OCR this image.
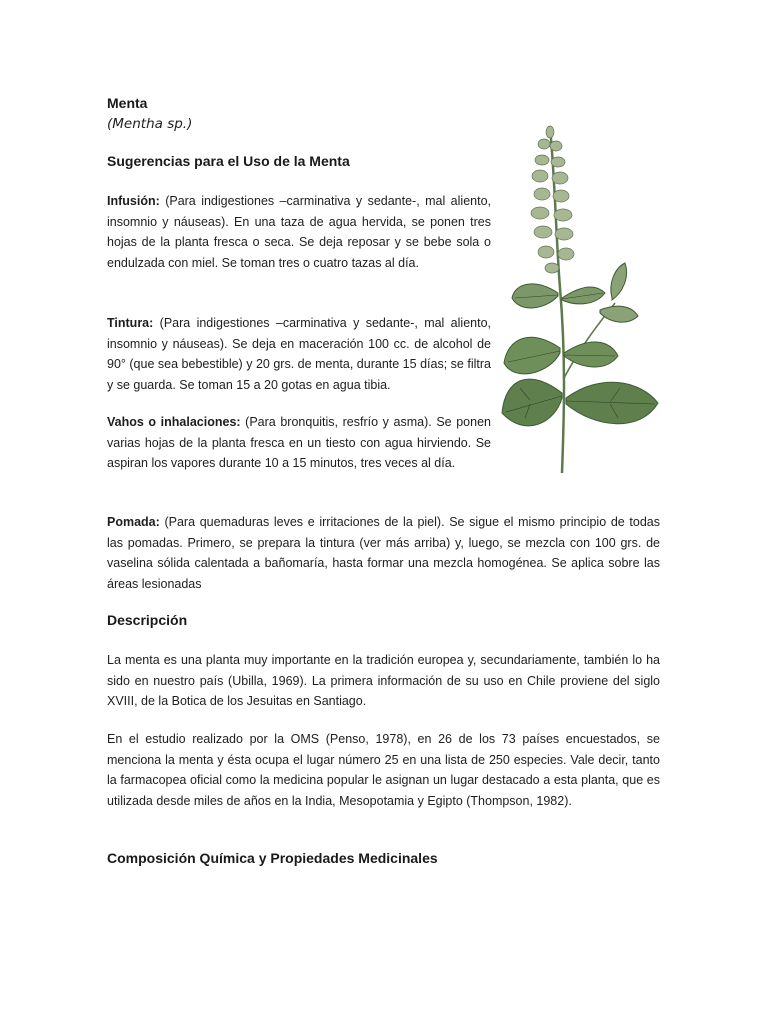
Menta
(Mentha sp.)
Sugerencias para el Uso de la Menta

Infusión: (Para indigestiones –carminativa y sedante-, mal aliento, insomnio y náuseas). En una taza de agua hervida, se ponen tres hojas de la planta fresca o seca. Se deja reposar y se bebe sola o endulzada con miel. Se toman tres o cuatro tazas al día.

Tintura: (Para indigestiones –carminativa y sedante-, mal aliento, insomnio y náuseas). Se deja en maceración 100 cc. de alcohol de 90° (que sea bebestible) y 20 grs. de menta, durante 15 días; se filtra y se guarda. Se toman 15 a 20 gotas en agua tibia.

Vahos o inhalaciones: (Para bronquitis, resfrío y asma). Se ponen varias hojas de la planta fresca en un tiesto con agua hirviendo. Se aspiran los vapores durante 10 a 15 minutos, tres veces al día.

Pomada: (Para quemaduras leves e irritaciones de la piel). Se sigue el mismo principio de todas las pomadas. Primero, se prepara la tintura (ver más arriba) y, luego, se mezcla con 100 grs. de vaselina sólida calentada a bañomaría, hasta formar una mezcla homogénea. Se aplica sobre las áreas lesionadas

Descripción

La menta es una planta muy importante en la tradición europea y, secundariamente, también lo ha sido en nuestro país (Ubilla, 1969). La primera información de su uso en Chile proviene del siglo XVIII, de la Botica de los Jesuitas en Santiago.

En el estudio realizado por la OMS (Penso, 1978), en 26 de los 73 países encuestados, se menciona la menta y ésta ocupa el lugar número 25 en una lista de 250 especies. Vale decir, tanto la farmacopea oficial como la medicina popular le asignan un lugar destacado a esta planta, que es utilizada desde miles de años en la India, Mesopotamia y Egipto (Thompson, 1982).

Composición Química y Propiedades Medicinales
